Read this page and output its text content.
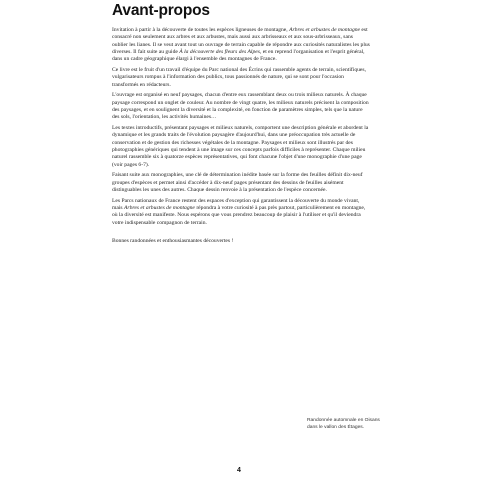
Avant-propos

Invitation à partir à la découverte de toutes les espèces ligneuses de montagne, Arbres et arbustes de montagne est consacré non seulement aux arbres et aux arbustes, mais aussi aux arbrisseaux et aux sous-arbrisseaux, sans oublier les lianes. Il se veut avant tout un ouvrage de terrain capable de répondre aux curiosités naturalistes les plus diverses. Il fait suite au guide À la découverte des fleurs des Alpes, et en reprend l'organisation et l'esprit général, dans un cadre géographique élargi à l'ensemble des montagnes de France.

Ce livre est le fruit d'un travail d'équipe du Parc national des Écrins qui rassemble agents de terrain, scientifiques, vulgarisateurs rompus à l'information des publics, tous passionnés de nature, qui se sont pour l'occasion transformés en rédacteurs.

L'ouvrage est organisé en neuf paysages, chacun d'entre eux rassemblant deux ou trois milieux naturels. À chaque paysage correspond un onglet de couleur. Au nombre de vingt quatre, les milieux naturels précisent la composition des paysages, et en soulignent la diversité et la complexité, en fonction de paramètres simples, tels que la nature des sols, l'orientation, les activités humaines…

Les textes introductifs, présentant paysages et milieux naturels, comportent une description générale et abordent la dynamique et les grands traits de l'évolution paysagère d'aujourd'hui, dans une préoccupation très actuelle de conservation et de gestion des richesses végétales de la montagne. Paysages et milieux sont illustrés par des photographies génériques qui tendent à une image sur ces concepts parfois difficiles à représenter. Chaque milieu naturel rassemble six à quatorze espèces représentatives, qui font chacune l'objet d'une monographie d'une page (voir pages 6-7).

Faisant suite aux monographies, une clé de détermination inédite basée sur la forme des feuilles définit dix-neuf groupes d'espèces et permet ainsi d'accéder à dix-neuf pages présentant des dessins de feuilles aisément distinguables les unes des autres. Chaque dessin renvoie à la présentation de l'espèce concernée.

Les Parcs nationaux de France restent des espaces d'exception qui garantissent la découverte du monde vivant, mais Arbres et arbustes de montagne répondra à votre curiosité à pas près partout, particulièrement en montagne, où la diversité est manifeste. Nous espérons que vous prendrez beaucoup de plaisir à l'utiliser et qu'il deviendra votre indispensable compagnon de terrain.

Bonnes randonnées et enthousiasmantes découvertes !

Randonnée automnale en Oisans
dans le vallon des Étages.
4
